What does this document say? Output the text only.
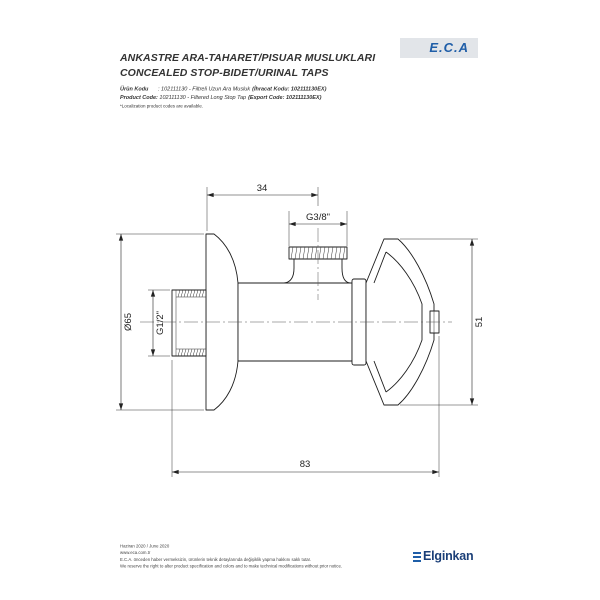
ANKASTRE ARA-TAHARET/PISUAR MUSLUKLARI
CONCEALED STOP-BIDET/URINAL TAPS
E.C.A
Ürün Kodu : 102111130 - Filtreli Uzun Ara Musluk (İhracat Kodu: 102111130EX)
Product Code: 102111130 - Filtered Long Stop Tap (Export Code: 102111130EX)
*Localization product codes are available.
34
G3/8"
Ø65 G1/2"	51
83
Haziran 2020 / June 2020
www.eca.com.tr
E.C.A. önceden haber vermeksizin, ürünlerin teknik detaylarında değişiklik yapma hakkını saklı tutar.
We reserve the right to alter product specification and colors and to make technical modifications without prior notice.
Elginkan
